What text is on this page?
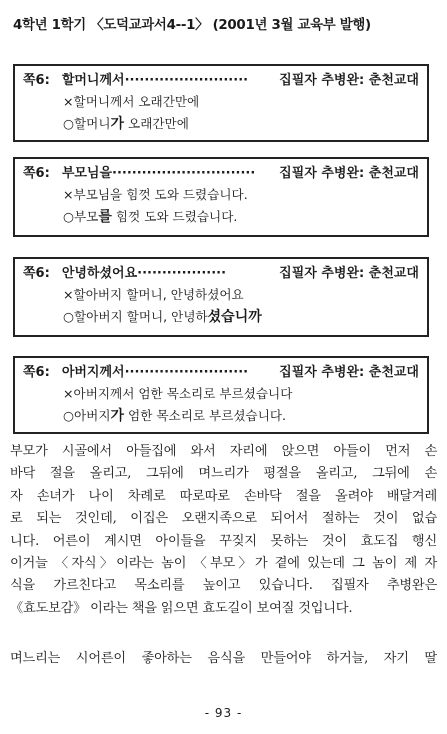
4학년 1학기 〈도덕교과서4--1〉 (2001년 3월 교육부 발행)
쪽6: 할머니께서························· 집필자 추병완: 춘천교대
×할머니께서 오래간만에
○할머니가 오래간만에
쪽6: 부모님을····························· 집필자 추병완: 춘천교대
×부모님을 힘껏 도와 드렸습니다.
○부모를 힘껏 도와 드렸습니다.
쪽6: 안녕하셨어요··················	집필자 추병완: 춘천교대
×할아버지 할머니, 안녕하셨어요
○할아버지 할머니, 안녕하셨습니까
쪽6: 아버지께서························· 집필자 추병완: 춘천교대
×아버지께서 엄한 목소리로 부르셨습니다
○아버지가 엄한 목소리로 부르셨습니다.
부모가 시골에서 아들집에 와서 자리에 앉으면 아들이 먼저 손
바닥 절을 올리고, 그뒤에 며느리가 평절을 올리고, 그뒤에 손
자 손녀가 나이 차례로 따로따로 손바닥 절을 올려야 배달겨레
로 되는 것인데, 이집은 오랜지족으로 되어서 절하는 것이 없습
니다. 어른이 계시면 아이들을 꾸짖지 못하는 것이 효도집 행신
이거늘 〈자식〉이라는 놈이 〈부모〉가 곁에 있는데 그 놈이 제 자
식을 가르친다고 목소리를 높이고 있습니다. 집필자 추병완은
《효도보감》 이라는 책을 읽으면 효도길이 보여질 것입니다.
며느리는 시어른이 좋아하는 음식을 만들어야 하거늘, 자기 딸
- 93 -
